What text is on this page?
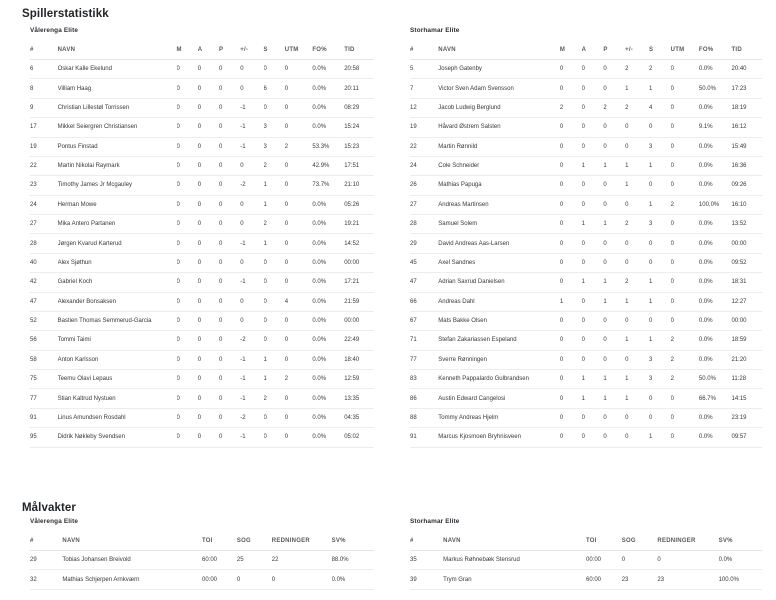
Spillerstatistikk
Vålerenga Elite
#	NAVN	M	A	P	+/-	S	UTM	FO%	TID
6	Oskar Kalle Ekelund	0	0	0	0	0	0	0.0%	20:58
8	Villiam Haag	0	0	0	0	6	0	0.0%	20:11
9	Christian Lillestøl Torrissen	0	0	0	-1	0	0	0.0%	08:29
17	Mikkel Seiergren Christiansen	0	0	0	-1	3	0	0.0%	15:24
19	Pontus Finstad	0	0	0	-1	3	2	53.3%	15:23
22	Martin Nikolai Raymark	0	0	0	0	2	0	42.9%	17:51
23	Timothy James Jr Mcgauley	0	0	0	-2	1	0	73.7%	21:10
24	Herman Mowe	0	0	0	0	1	0	0.0%	05:26
27	Mika Antero Partanen	0	0	0	0	2	0	0.0%	19:21
28	Jørgen Kvarud Karterud	0	0	0	-1	1	0	0.0%	14:52
40	Alex Sjøthun	0	0	0	0	0	0	0.0%	00:00
42	Gabriel Koch	0	0	0	-1	0	0	0.0%	17:21
47	Alexander Bonsaksen	0	0	0	0	0	4	0.0%	21:59
52	Bastien Thomas Semmerud-Garcia	0	0	0	0	0	0	0.0%	00:00
56	Tommi Taimi	0	0	0	-2	0	0	0.0%	22:49
58	Anton Karlsson	0	0	0	-1	1	0	0.0%	18:40
75	Teemu Olavi Lepaus	0	0	0	-1	1	2	0.0%	12:59
77	Stian Kaltrud Nystuen	0	0	0	-1	2	0	0.0%	13:35
91	Linus Amundsen Rosdahl	0	0	0	-2	0	0	0.0%	04:35
95	Didrik Nøkleby Svendsen	0	0	0	-1	0	0	0.0%	05:02
Storhamar Elite
#	NAVN	M	A	P	+/-	S	UTM	FO%	TID
5	Joseph Gatenby	0	0	0	2	2	0	0.0%	20:40
7	Victor Sven Adam Svensson	0	0	0	1	1	0	50.0%	17:23
12	Jacob Ludwig Berglund	2	0	2	2	4	0	0.0%	18:19
19	Håvard Østrem Salsten	0	0	0	0	0	0	9.1%	16:12
22	Martin Rønnild	0	0	0	0	3	0	0.0%	15:49
24	Cole Schneider	0	1	1	1	1	0	0.0%	16:36
26	Mathias Papuga	0	0	0	1	0	0	0.0%	09:26
27	Andreas Martinsen	0	0	0	0	1	2	100.0%	16:10
28	Samuel Solem	0	1	1	2	3	0	0.0%	13:52
29	David Andreas Aas-Larsen	0	0	0	0	0	0	0.0%	00:00
45	Axel Sandnes	0	0	0	0	0	0	0.0%	09:52
47	Adrian Saxrud Danielsen	0	1	1	2	1	0	0.0%	18:31
66	Andreas Dahl	1	0	1	1	1	0	0.0%	12:27
67	Mats Bakke Olsen	0	0	0	0	0	0	0.0%	00:00
71	Stefan Zakariassen Espeland	0	0	0	1	1	2	0.0%	18:59
77	Sverre Rønningen	0	0	0	0	3	2	0.0%	21:20
83	Kenneth Pappalardo Gulbrandsen	0	1	1	1	3	2	50.0%	11:28
86	Austin Edward Cangelosi	0	1	1	1	0	0	66.7%	14:15
88	Tommy Andreas Hjelm	0	0	0	0	0	0	0.0%	23:19
91	Marcus Kjosmoen Bryhnisveen	0	0	0	0	1	0	0.0%	09:57
Målvakter
Vålerenga Elite
#	NAVN	TOI	SOG	REDNINGER	SV%
29	Tobias Johansen Breivold	60:00	25	22	88.0%
32	Mathias Schjerpen Arnkværn	00:00	0	0	0.0%
Storhamar Elite
#	NAVN	TOI	SOG	REDNINGER	SV%
35	Markus Røhnebæk Stensrud	00:00	0	0	0.0%
39	Trym Gran	60:00	23	23	100.0%
